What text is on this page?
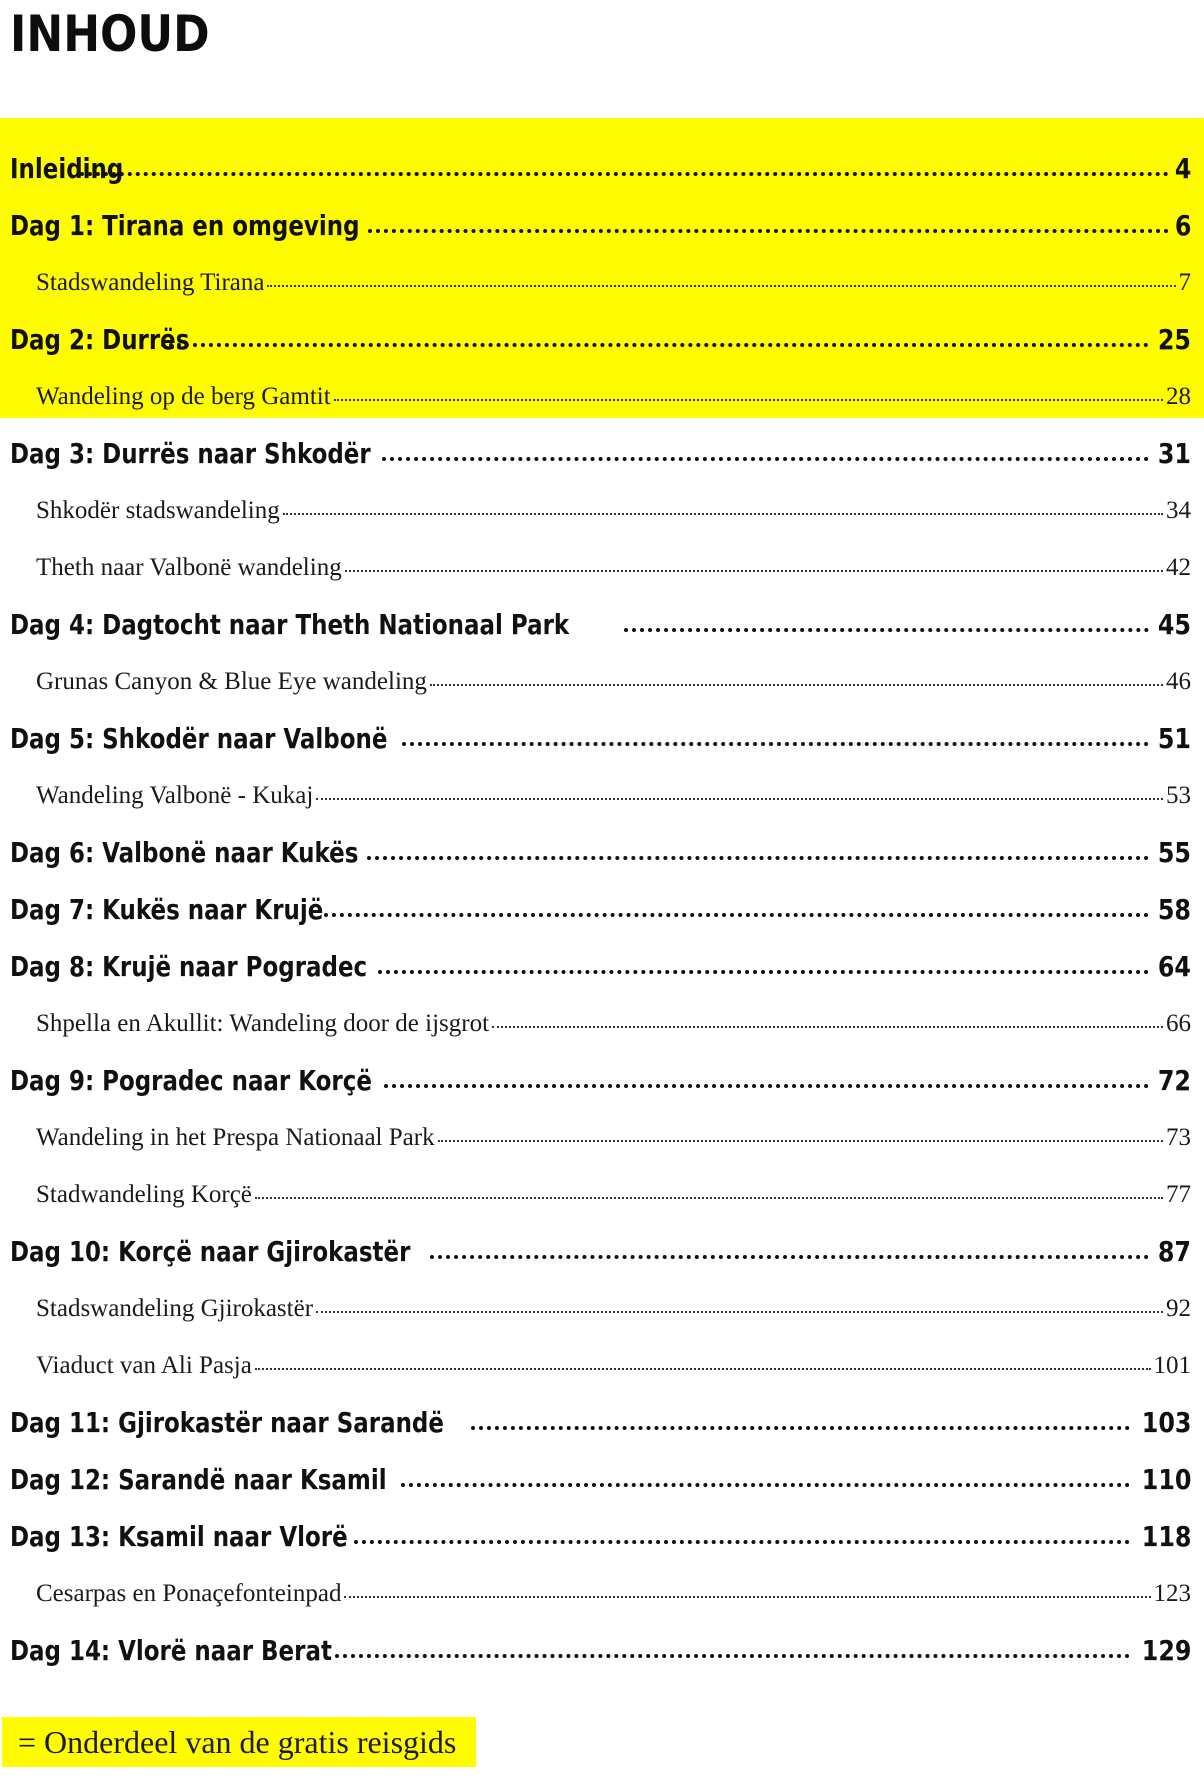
INHOUD
Inleiding	4
Dag 1: Tirana en omgeving	6
Stadswandeling Tirana	7
Dag 2: Durrës	25
Wandeling op de berg Gamtit	28
Dag 3: Durrës naar Shkodër	31
Shkodër stadswandeling	34
Theth naar Valbonë wandeling	42
Dag 4: Dagtocht naar Theth Nationaal Park	45
Grunas Canyon & Blue Eye wandeling	46
Dag 5: Shkodër naar Valbonë	51
Wandeling Valbonë - Kukaj	53
Dag 6: Valbonë naar Kukës	55
Dag 7: Kukës naar Krujë	58
Dag 8: Krujë naar Pogradec	64
Shpella en Akullit: Wandeling door de ijsgrot	66
Dag 9: Pogradec naar Korçë	72
Wandeling in het Prespa Nationaal Park	73
Stadwandeling Korçë	77
Dag 10: Korçë naar Gjirokastër	87
Stadswandeling Gjirokastër	92
Viaduct van Ali Pasja	101
Dag 11: Gjirokastër naar Sarandë	103
Dag 12: Sarandë naar Ksamil	110
Dag 13: Ksamil naar Vlorë	118
Cesarpas en Ponaçefonteinpad	123
Dag 14: Vlorë naar Berat	129
= Onderdeel van de gratis reisgids
